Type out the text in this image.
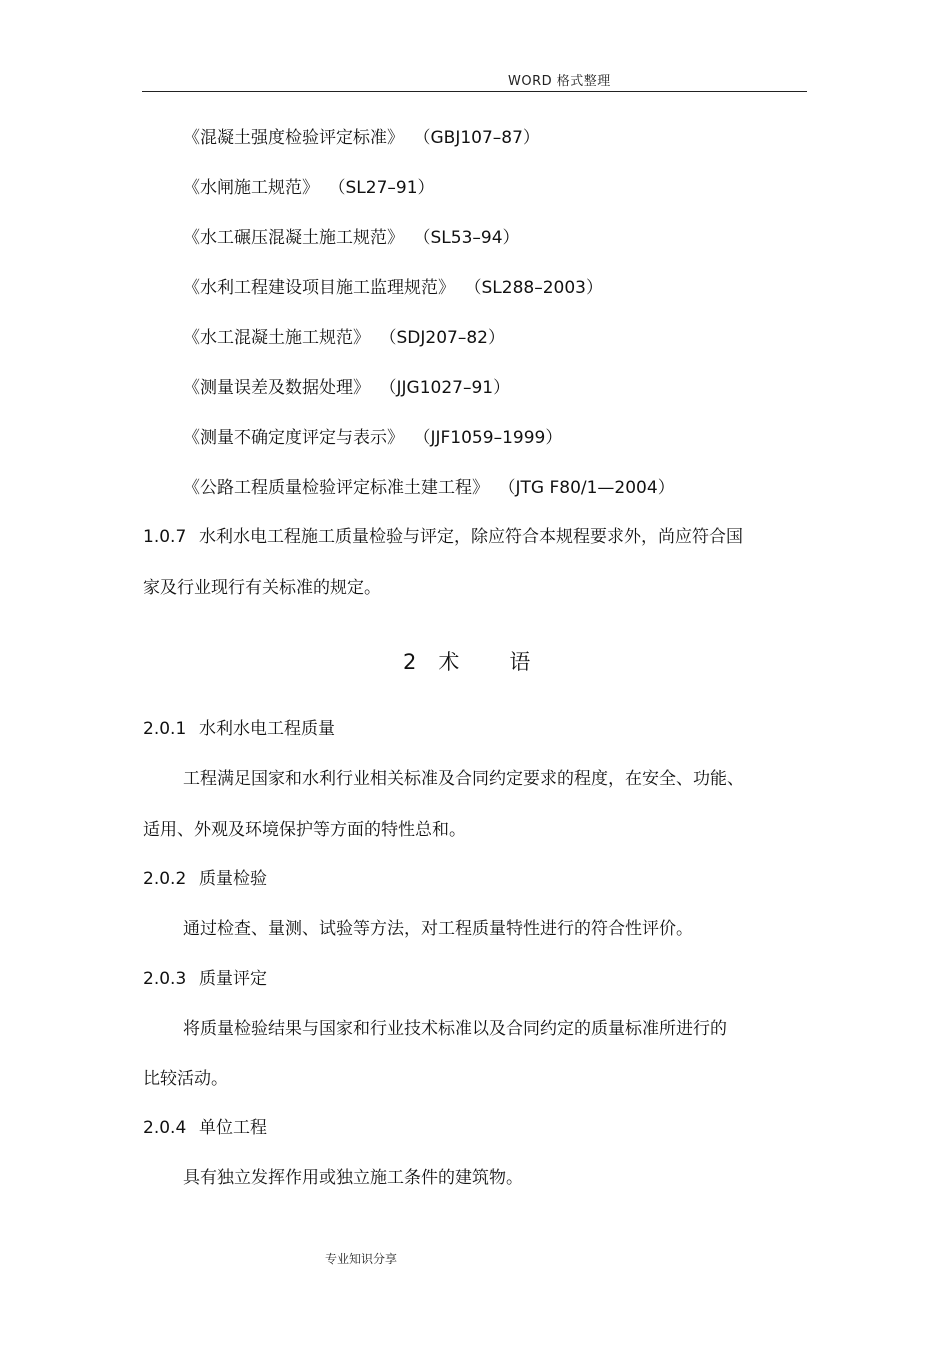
WORD 格式整理
《混凝土强度检验评定标准》 （GBJ107–87）
《水闸施工规范》 （SL27–91）
《水工碾压混凝土施工规范》 （SL53–94）
《水利工程建设项目施工监理规范》 （SL288–2003）
《水工混凝土施工规范》 （SDJ207–82）
《测量误差及数据处理》 （JJG1027–91）
《测量不确定度评定与表示》 （JJF1059–1999）
《公路工程质量检验评定标准土建工程》 （JTG F80/1—2004）
1.0.7 水利水电工程施工质量检验与评定，除应符合本规程要求外，尚应符合国
家及行业现行有关标准的规定。
2 术 语
2.0.1 水利水电工程质量
工程满足国家和水利行业相关标准及合同约定要求的程度，在安全、功能、
适用、外观及环境保护等方面的特性总和。
2.0.2 质量检验
通过检查、量测、试验等方法，对工程质量特性进行的符合性评价。
2.0.3 质量评定
将质量检验结果与国家和行业技术标准以及合同约定的质量标准所进行的
比较活动。
2.0.4 单位工程
具有独立发挥作用或独立施工条件的建筑物。
专业知识分享
